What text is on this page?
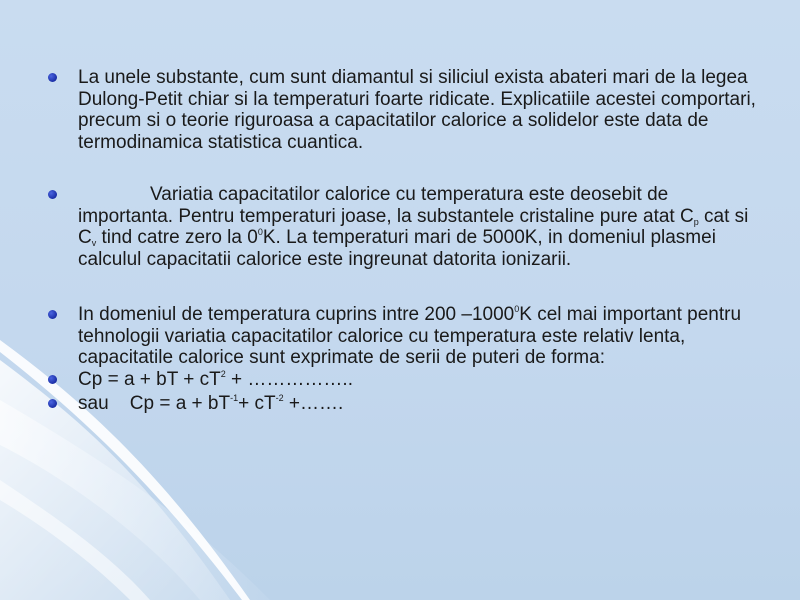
La unele substante, cum sunt diamantul si siliciul exista abateri mari de la legea Dulong-Petit chiar si la temperaturi foarte ridicate. Explicatiile acestei comportari, precum si o teorie riguroasa a capacitatilor calorice a solidelor este data de termodinamica statistica cuantica.
Variatia capacitatilor calorice cu temperatura este deosebit de importanta. Pentru temperaturi joase, la substantele cristaline pure atat $C_p$ cat si $C_v$ tind catre zero la $0^0K$. La temperaturi mari de 5000K, in domeniul plasmei calculul capacitatii calorice este ingreunat datorita ionizarii.
In domeniul de temperatura cuprins intre 200 –1000$^0$K cel mai important pentru tehnologii variatia capacitatilor calorice cu temperatura este relativ lenta, capacitatile calorice sunt exprimate de serii de puteri de forma:
Cp = a + bT + $cT^2$ + ……………..
sau    $Cp = a + bT^{-1}+ cT^{-2}$ +…….
